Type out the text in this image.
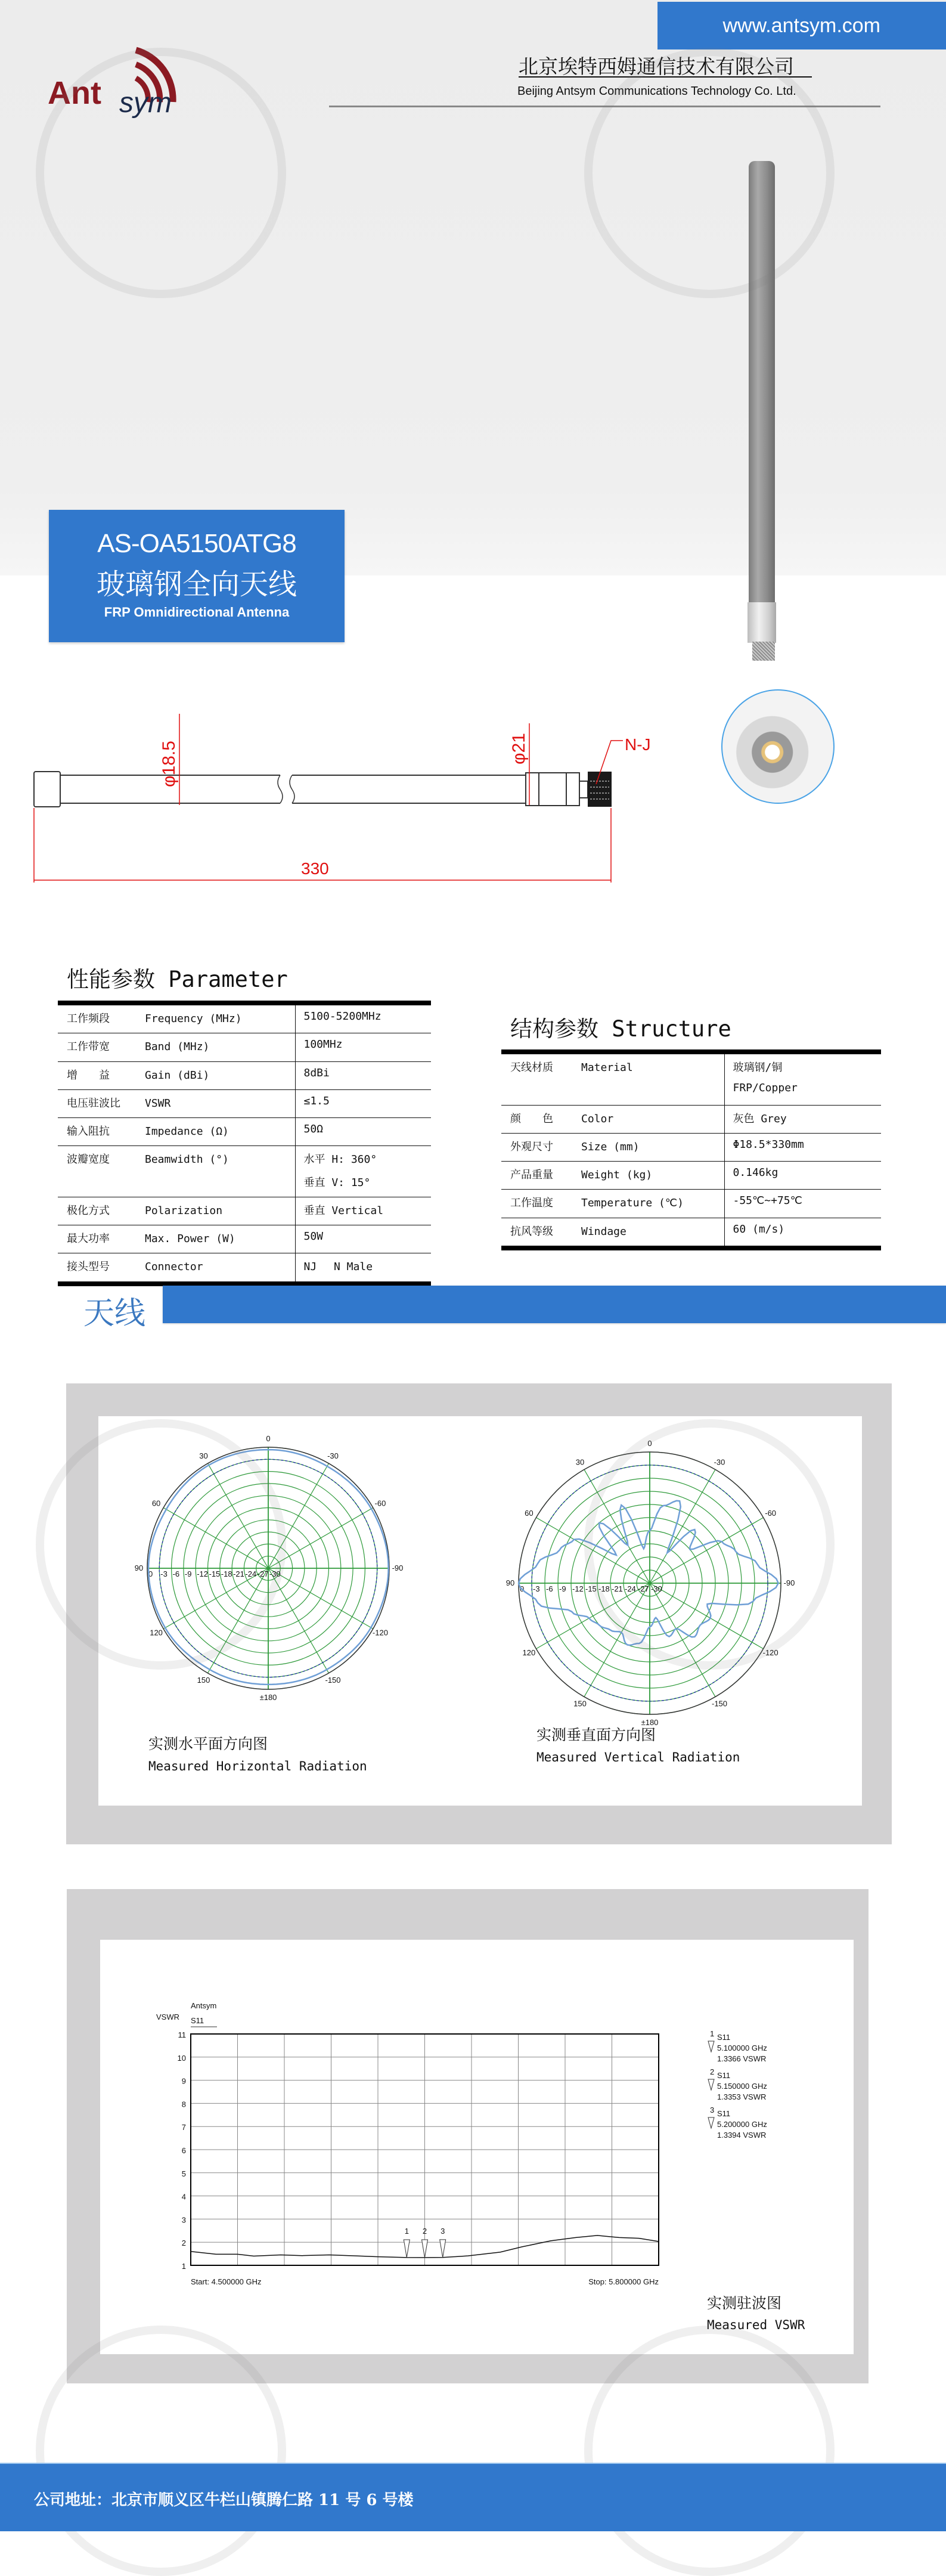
www.antsym.com
Ant sym
北京埃特西姆通信技术有限公司
Beijing Antsym Communications Technology Co. Ltd.
AS-OA5150ATG8
玻璃钢全向天线
FRP Omnidirectional Antenna
φ18.5	φ21	N-J
330
性能参数 Parameter
工作频段 Frequency (MHz)	5100-5200MHz

工作带宽 Band (MHz)	100MHz

增　　益 Gain (dBi)	8dBi

电压驻波比 VSWR	≤1.5

输入阻抗 Impedance (Ω)	50Ω

波瓣宽度 Beamwidth (°)	水平 H: 360°
垂直 V: 15°

极化方式 Polarization	垂直 Vertical

最大功率 Max. Power (W)	50W

接头型号 Connector	NJ　 N Male
结构参数 Structure
天线材质 Material	玻璃钢/铜
FRP/Copper

颜　　色 Color	灰色 Grey

外观尺寸 Size (mm)	Φ18.5*330mm

产品重量 Weight (kg)	0.146kg

工作温度 Temperature (℃)	-55℃~+75℃

抗风等级 Windage	60 (m/s)
天线
0
30	-30
60	-60
90	-90
120	-120
150	-150
±180
0 -3 -6 -9 -12 -15 -18 -21 -24 -27 -30
0
30	-30
60	-60
90	-90
120	-120
150	-150
±180
0 -3 -6 -9 -12 -15 -18 -21 -24 -27 -30
实测水平面方向图
Measured Horizontal Radiation
实测垂直面方向图
Measured Vertical Radiation
1
2
3
4
5
6
7
8
9
10
11
Antsym
VSWR S11
Start: 4.500000 GHz	Stop: 5.800000 GHz
1
1 S11
5.100000 GHz
1.3366 VSWR
2
2 S11
5.150000 GHz
1.3353 VSWR
3
3 S11
5.200000 GHz
1.3394 VSWR
实测驻波图
Measured VSWR
公司地址：北京市顺义区牛栏山镇腾仁路 11 号 6 号楼
